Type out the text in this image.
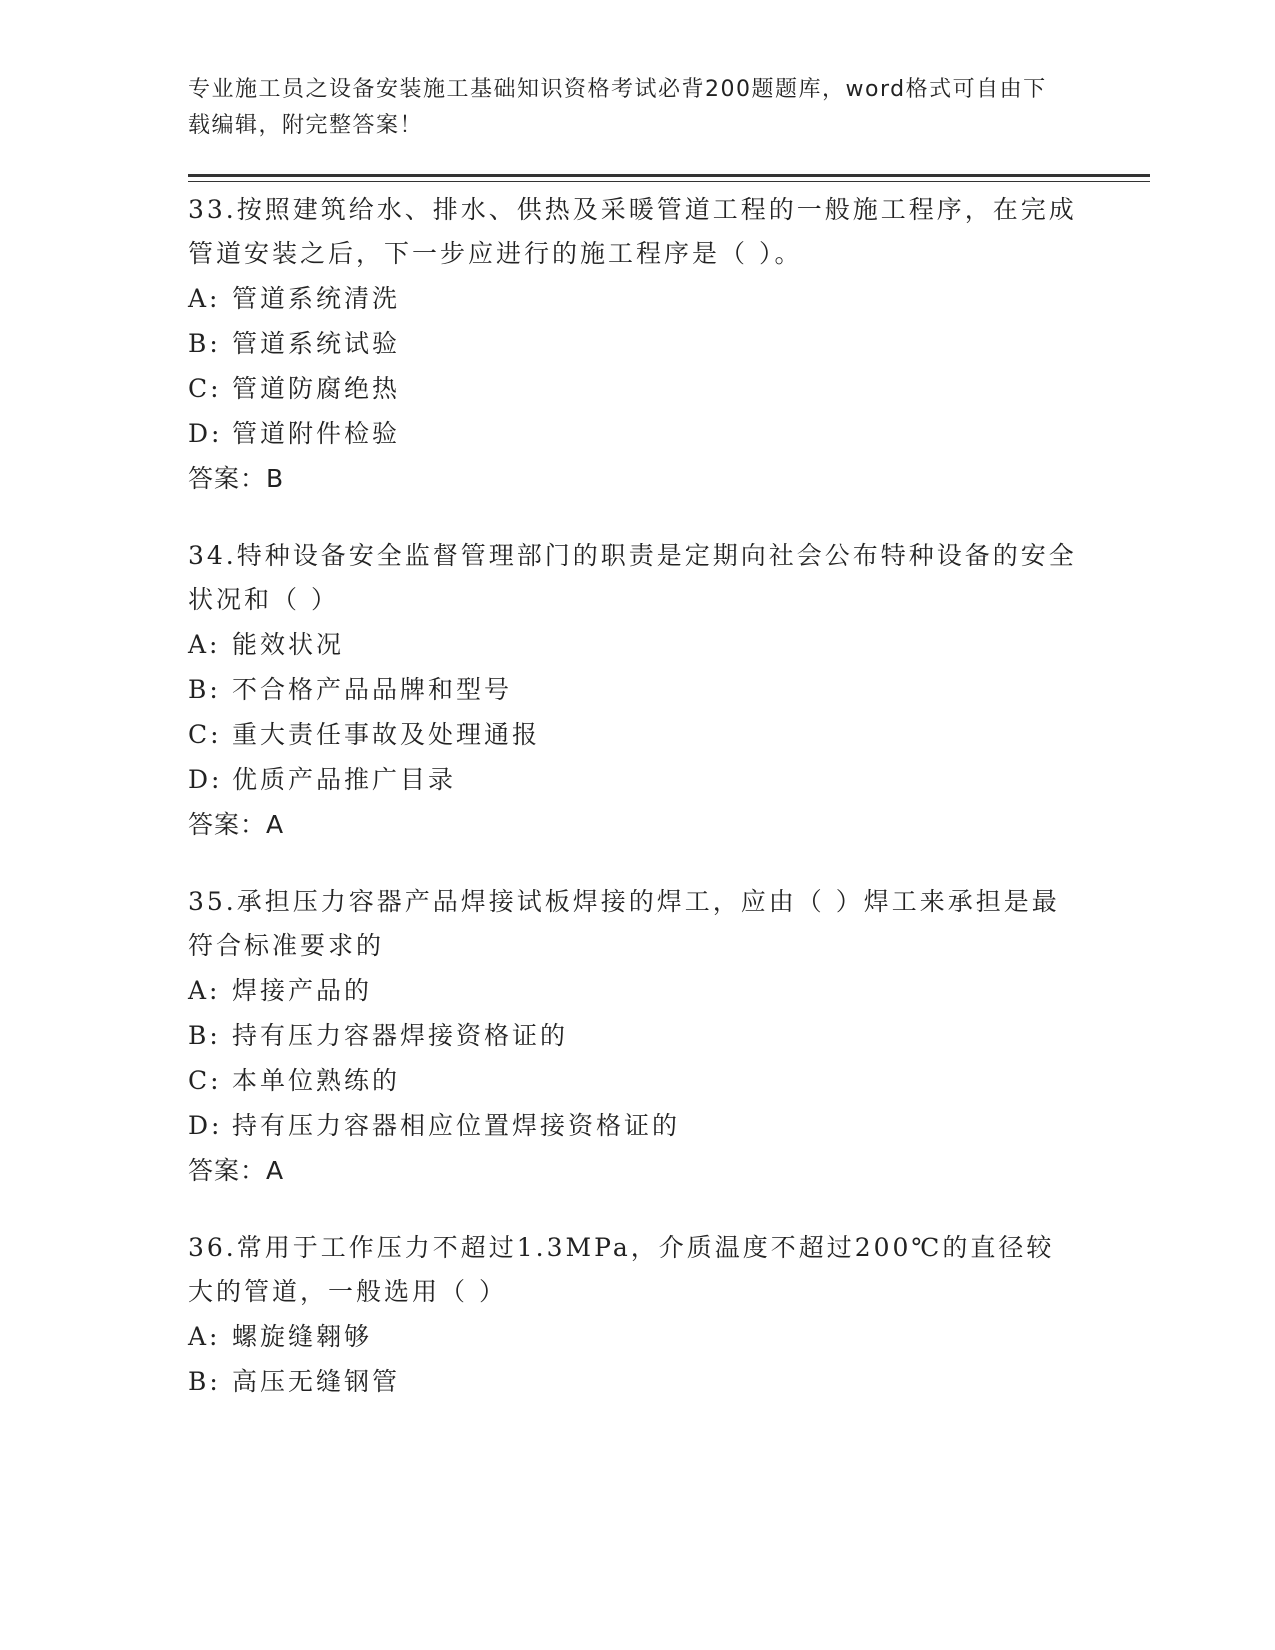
专业施工员之设备安装施工基础知识资格考试必背200题题库，word格式可自由下载编辑，附完整答案！
33.按照建筑给水、排水、供热及采暖管道工程的一般施工程序，在完成管道安装之后，下一步应进行的施工程序是（ ）。
A: 管道系统清洗
B: 管道系统试验
C: 管道防腐绝热
D: 管道附件检验
答案：B
34.特种设备安全监督管理部门的职责是定期向社会公布特种设备的安全状况和（ ）
A: 能效状况
B: 不合格产品品牌和型号
C: 重大责任事故及处理通报
D: 优质产品推广目录
答案：A
35.承担压力容器产品焊接试板焊接的焊工，应由（ ）焊工来承担是最符合标准要求的
A: 焊接产品的
B: 持有压力容器焊接资格证的
C: 本单位熟练的
D: 持有压力容器相应位置焊接资格证的
答案：A
36.常用于工作压力不超过1.3MPa，介质温度不超过200℃的直径较大的管道，一般选用（ ）
A: 螺旋缝翱够
B: 高压无缝钢管
